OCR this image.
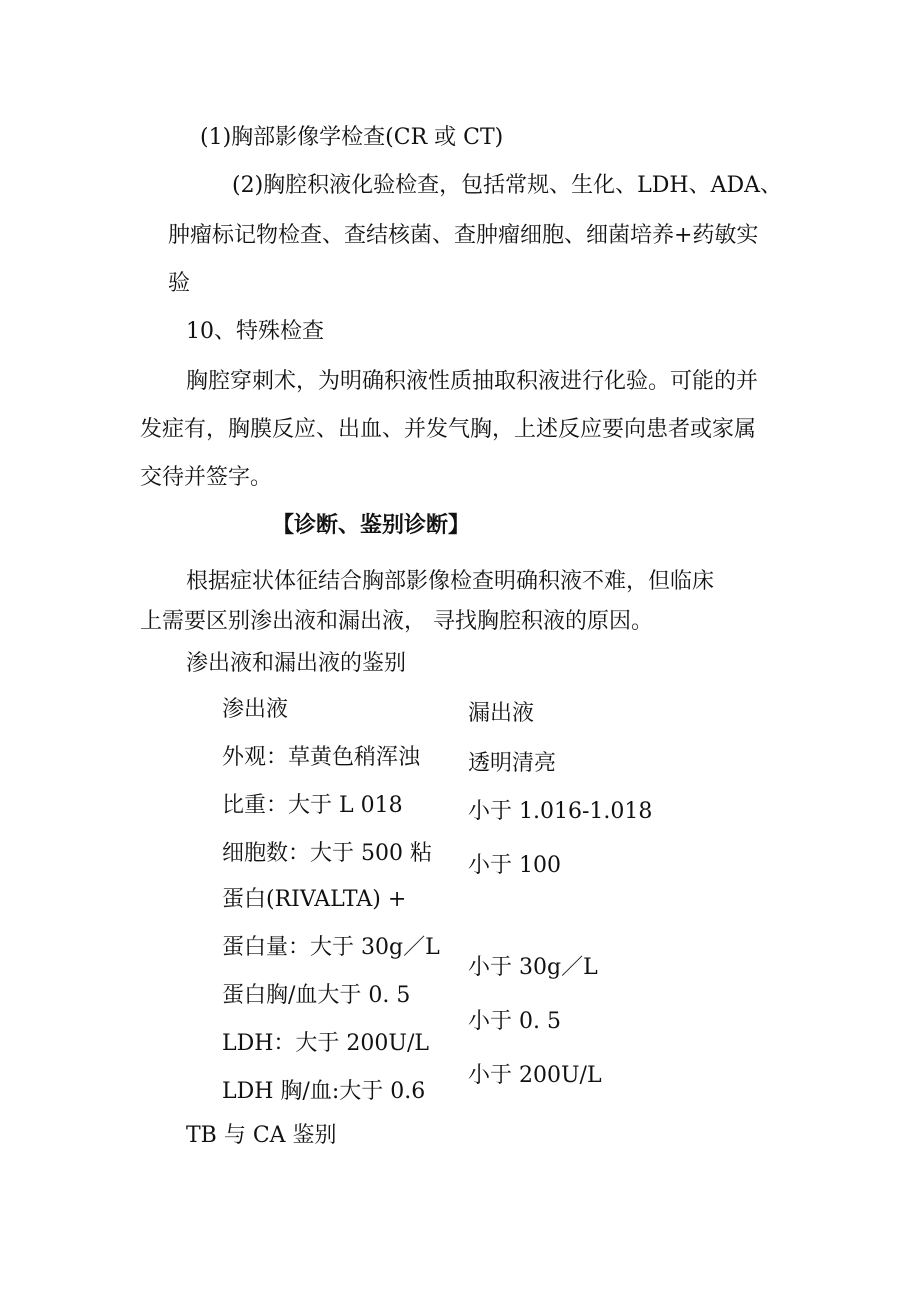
(1)胸部影像学检查(CR 或 CT)
(2)胸腔积液化验检查，包括常规、生化、LDH、ADA、
肿瘤标记物检查、查结核菌、查肿瘤细胞、细菌培养+药敏实
验
10、特殊检查
胸腔穿刺术，为明确积液性质抽取积液进行化验。可能的并
发症有，胸膜反应、出血、并发气胸，上述反应要向患者或家属
交待并签字。
【诊断、鉴别诊断】
根据症状体征结合胸部影像检查明确积液不难，但临床
上需要区别渗出液和漏出液， 寻找胸腔积液的原因。
渗出液和漏出液的鉴别
渗出液
外观：草黄色稍浑浊
比重：大于 L 018
细胞数：大于 500 粘
蛋白(RIVALTA) +
蛋白量：大于 30g／L
蛋白胸/血大于 0. 5
LDH：大于 200U/L
LDH 胸/血:大于 0.6
漏出液
透明清亮
小于 1.016-1.018
小于 100
小于 30g／L
小于 0. 5
小于 200U/L
TB 与 CA 鉴别
